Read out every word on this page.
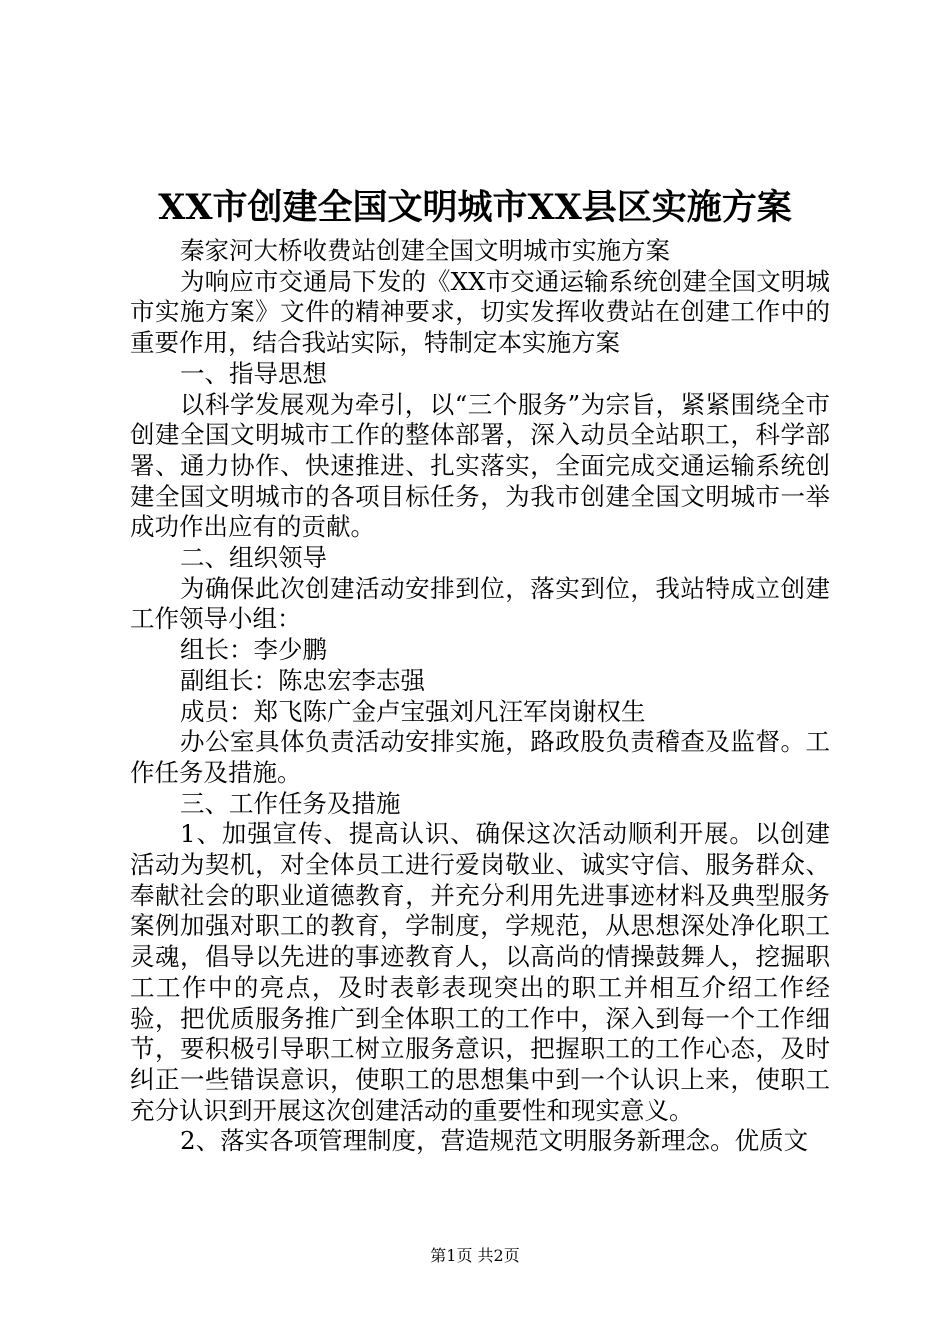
XX市创建全国文明城市XX县区实施方案

秦家河大桥收费站创建全国文明城市实施方案

为响应市交通局下发的《XX市交通运输系统创建全国文明城市实施方案》文件的精神要求，切实发挥收费站在创建工作中的重要作用，结合我站实际，特制定本实施方案

一、指导思想

以科学发展观为牵引，以“三个服务”为宗旨，紧紧围绕全市创建全国文明城市工作的整体部署，深入动员全站职工，科学部署、通力协作、快速推进、扎实落实，全面完成交通运输系统创建全国文明城市的各项目标任务，为我市创建全国文明城市一举成功作出应有的贡献。

二、组织领导

为确保此次创建活动安排到位，落实到位，我站特成立创建工作领导小组：

组长：李少鹏

副组长：陈忠宏李志强

成员：郑飞陈广金卢宝强刘凡汪军岗谢权生

办公室具体负责活动安排实施，路政股负责稽查及监督。工作任务及措施。

三、工作任务及措施

1、加强宣传、提高认识、确保这次活动顺利开展。以创建活动为契机，对全体员工进行爱岗敬业、诚实守信、服务群众、奉献社会的职业道德教育，并充分利用先进事迹材料及典型服务案例加强对职工的教育，学制度，学规范，从思想深处净化职工灵魂，倡导以先进的事迹教育人，以高尚的情操鼓舞人，挖掘职工工作中的亮点，及时表彰表现突出的职工并相互介绍工作经验，把优质服务推广到全体职工的工作中，深入到每一个工作细节，要积极引导职工树立服务意识，把握职工的工作心态，及时纠正一些错误意识，使职工的思想集中到一个认识上来，使职工充分认识到开展这次创建活动的重要性和现实意义。

2、落实各项管理制度，营造规范文明服务新理念。优质文

第1页 共2页
